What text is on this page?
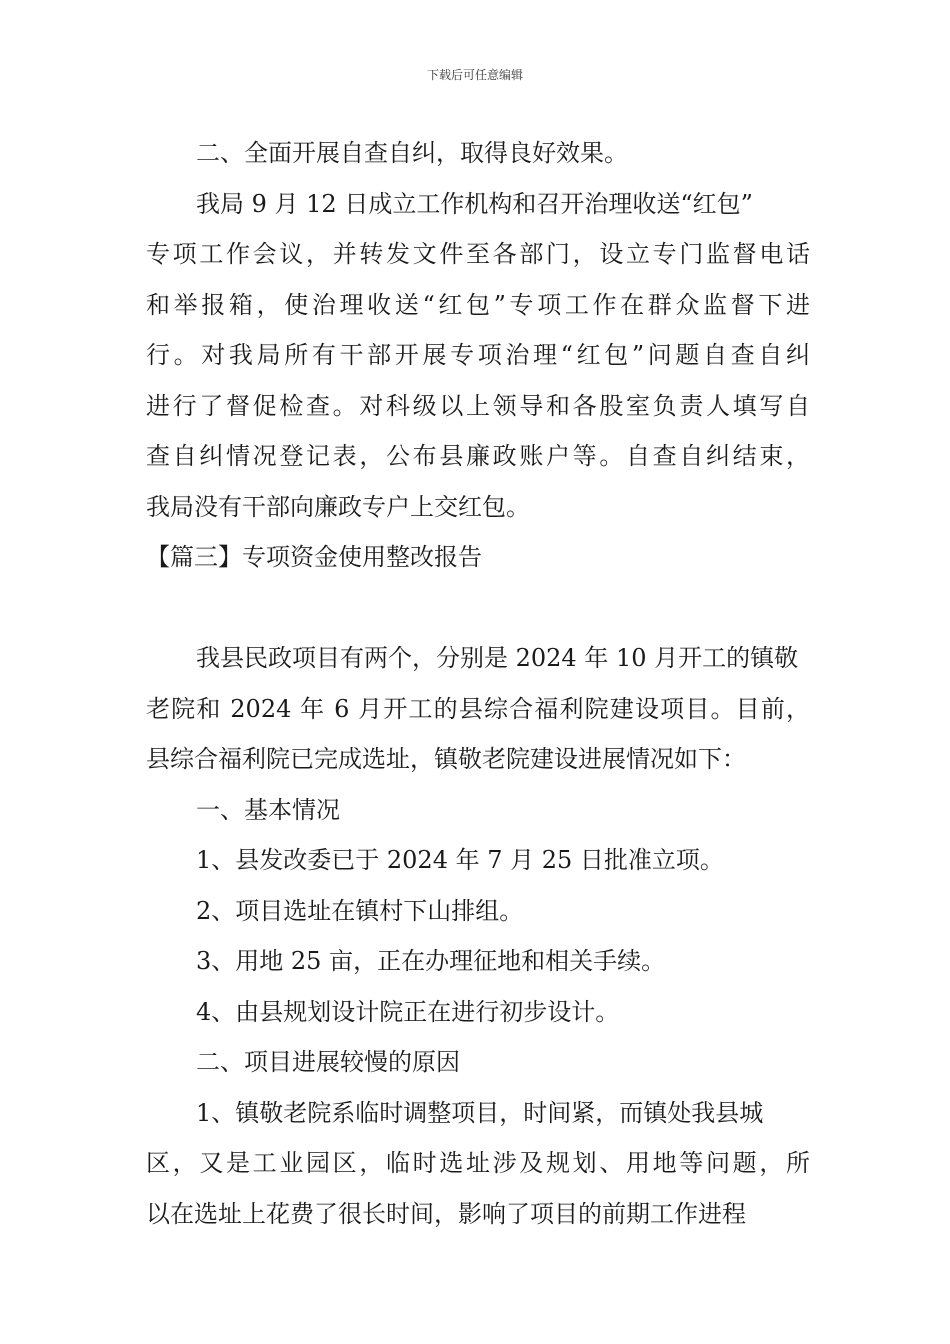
下载后可任意编辑
二、全面开展自查自纠，取得良好效果。
我局 9 月 12 日成立工作机构和召开治理收送“红包”
专项工作会议，并转发文件至各部门，设立专门监督电话
和举报箱，使治理收送“红包”专项工作在群众监督下进
行。对我局所有干部开展专项治理“红包”问题自查自纠
进行了督促检查。对科级以上领导和各股室负责人填写自
查自纠情况登记表，公布县廉政账户等。自查自纠结束，
我局没有干部向廉政专户上交红包。
【篇三】专项资金使用整改报告
我县民政项目有两个，分别是 2024 年 10 月开工的镇敬
老院和 2024 年 6 月开工的县综合福利院建设项目。目前，
县综合福利院已完成选址，镇敬老院建设进展情况如下：
一、基本情况
1、县发改委已于 2024 年 7 月 25 日批准立项。
2、项目选址在镇村下山排组。
3、用地 25 亩，正在办理征地和相关手续。
4、由县规划设计院正在进行初步设计。
二、项目进展较慢的原因
1、镇敬老院系临时调整项目，时间紧，而镇处我县城
区，又是工业园区，临时选址涉及规划、用地等问题，所
以在选址上花费了很长时间，影响了项目的前期工作进程
